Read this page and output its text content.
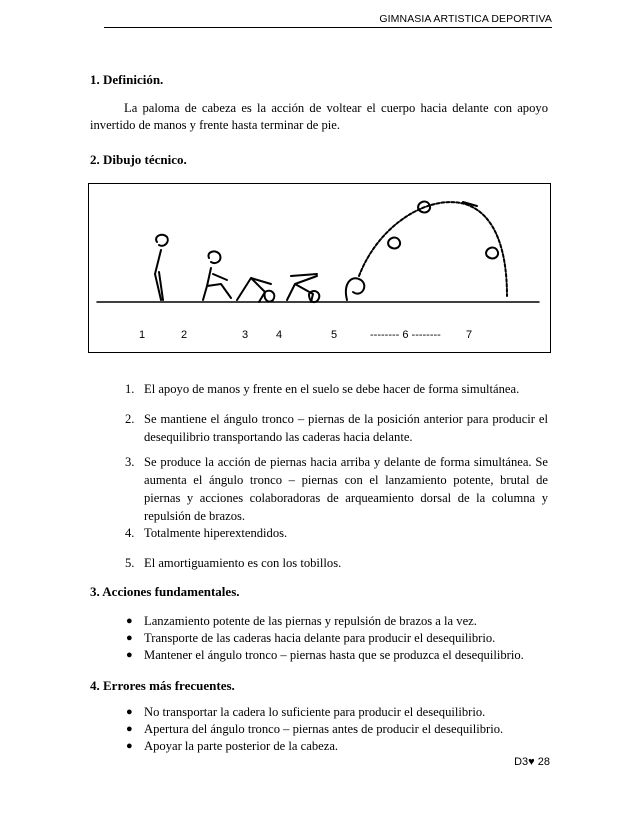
GIMNASIA ARTISTICA DEPORTIVA
1. Definición.
La paloma de cabeza es la acción de voltear el cuerpo hacia delante con apoyo invertido de manos y frente hasta terminar de pie.
2. Dibujo técnico.
1	2	3	4	5	-------- 6 -------- 7
1. El apoyo de manos y frente en el suelo se debe hacer de forma simultánea.
2. Se mantiene el ángulo tronco – piernas de la posición anterior para producir el desequilibrio transportando las caderas hacia delante.
3. Se produce la acción de piernas hacia arriba y delante de forma simultánea. Se aumenta el ángulo tronco – piernas con el lanzamiento potente, brutal de piernas y acciones colaboradoras de arqueamiento dorsal de la columna y repulsión de brazos.
4. Totalmente hiperextendidos.
5. El amortiguamiento es con los tobillos.
3. Acciones fundamentales.
● Lanzamiento potente de las piernas y repulsión de brazos a la vez.
● Transporte de las caderas hacia delante para producir el desequilibrio.
● Mantener el ángulo tronco – piernas hasta que se produzca el desequilibrio.
4. Errores más frecuentes.
● No transportar la cadera lo suficiente para producir el desequilibrio.
● Apertura del ángulo tronco – piernas antes de producir el desequilibrio.
● Apoyar la parte posterior de la cabeza.
D3♥ 28
